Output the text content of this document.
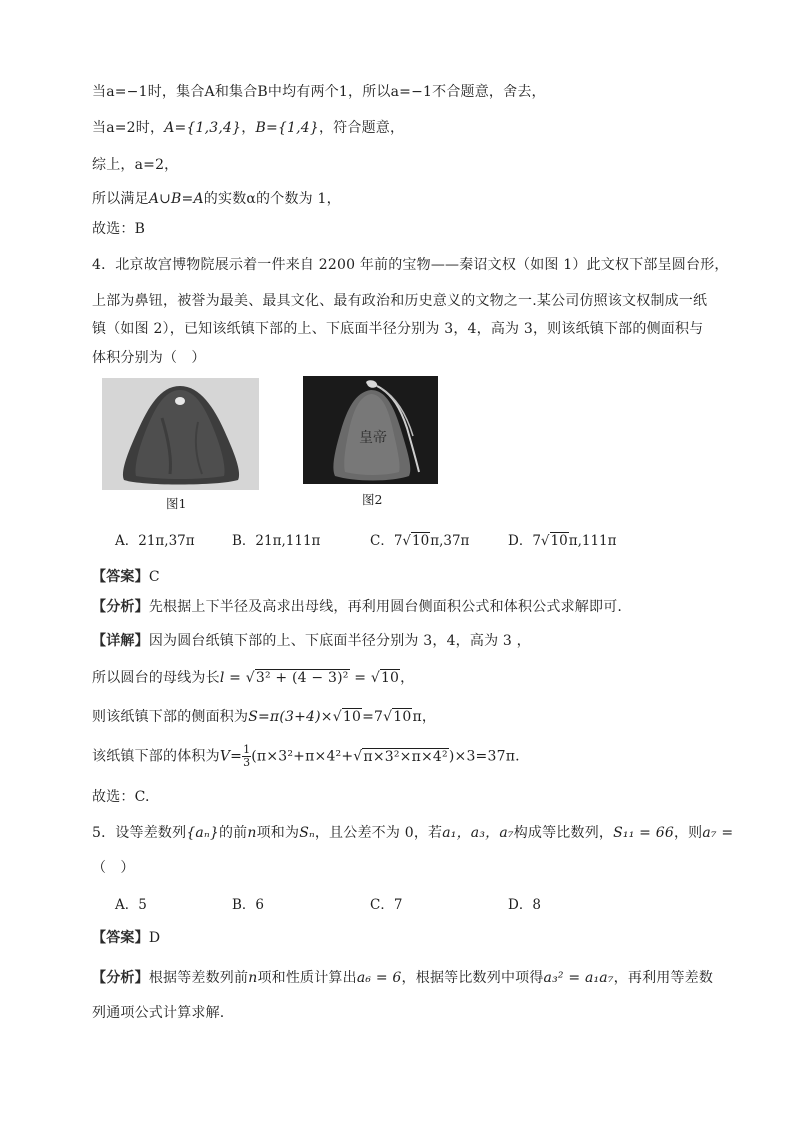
当a=−1时，集合A和集合B中均有两个1，所以a=−1不合题意，舍去，
当a=2时，A={1,3,4}，B={1,4}，符合题意，
综上，a=2，
所以满足A∪B=A的实数α的个数为 1，
故选：B
4．北京故宫博物院展示着一件来自 2200 年前的宝物——秦诏文权（如图 1）此文权下部呈圆台形，
上部为鼻钮，被誉为最美、最具文化、最有政治和历史意义的文物之一.某公司仿照该文权制成一纸
镇（如图 2），已知该纸镇下部的上、下底面半径分别为 3，4，高为 3，则该纸镇下部的侧面积与
体积分别为（　）
图1
皇帝
图2
A．21π,37π	B．21π,111π	C．7√10π,37π	D．7√10π,111π
【答案】C
【分析】先根据上下半径及高求出母线，再利用圆台侧面积公式和体积公式求解即可.
【详解】因为圆台纸镇下部的上、下底面半径分别为 3，4，高为 3 ，
所以圆台的母线为长l = √3² + (4 − 3)² = √10，
则该纸镇下部的侧面积为S=π(3+4)×√10=7√10π，
该纸镇下部的体积为$V= \frac{1}{3} (\pi\times 3^2+\pi\times 4^2+√\pi\times 3^2\times\pi\times 4^2)\times 3=37\pi$.
故选：C.
5．设等差数列{aₙ}的前n项和为Sₙ，且公差不为 0，若a₁，a₃，a₇构成等比数列，S₁₁ = 66，则a₇ =
（　）
A．5	B．6	C．7	D．8
【答案】D
【分析】根据等差数列前n项和性质计算出a₆ = 6，根据等比数列中项得a₃² = a₁a₇，再利用等差数
列通项公式计算求解.
